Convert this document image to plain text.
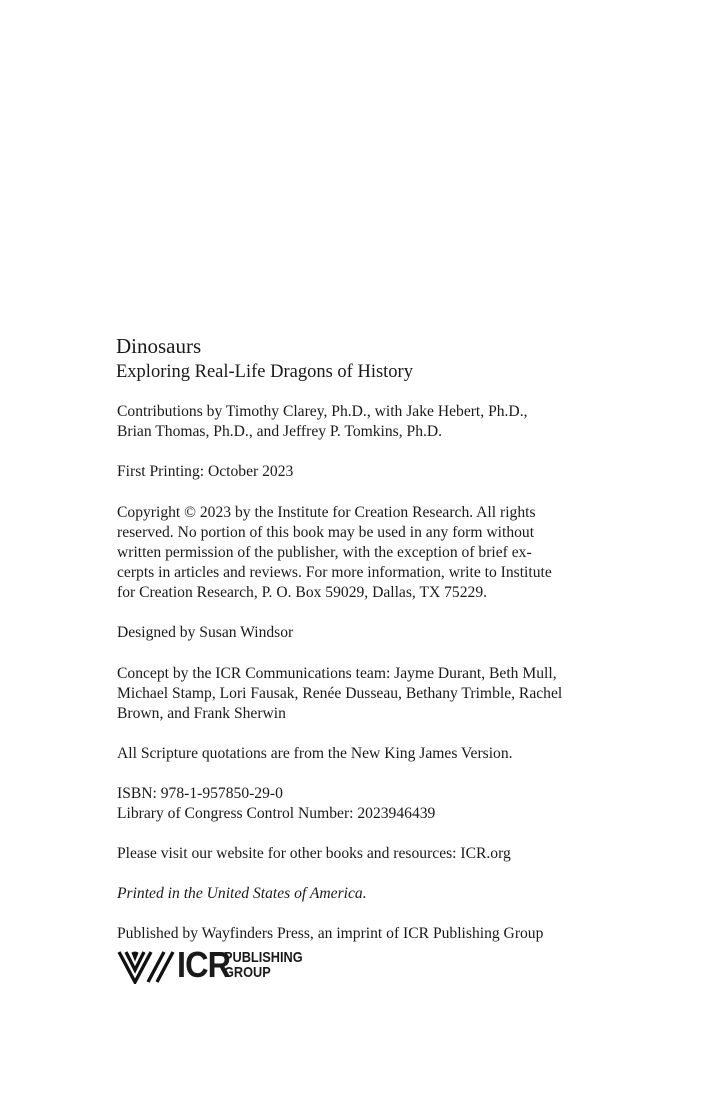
Dinosaurs
Exploring Real-Life Dragons of History
Contributions by Timothy Clarey, Ph.D., with Jake Hebert, Ph.D.,
Brian Thomas, Ph.D., and Jeffrey P. Tomkins, Ph.D.
First Printing: October 2023
Copyright © 2023 by the Institute for Creation Research. All rights
reserved. No portion of this book may be used in any form without
written permission of the publisher, with the exception of brief ex-
cerpts in articles and reviews. For more information, write to Institute
for Creation Research, P. O. Box 59029, Dallas, TX 75229.
Designed by Susan Windsor
Concept by the ICR Communications team: Jayme Durant, Beth Mull,
Michael Stamp, Lori Fausak, Renée Dusseau, Bethany Trimble, Rachel
Brown, and Frank Sherwin
All Scripture quotations are from the New King James Version.
ISBN: 978-1-957850-29-0
Library of Congress Control Number: 2023946439
Please visit our website for other books and resources: ICR.org
Printed in the United States of America.
Published by Wayfinders Press, an imprint of ICR Publishing Group
ICR
PUBLISHING
GROUP
